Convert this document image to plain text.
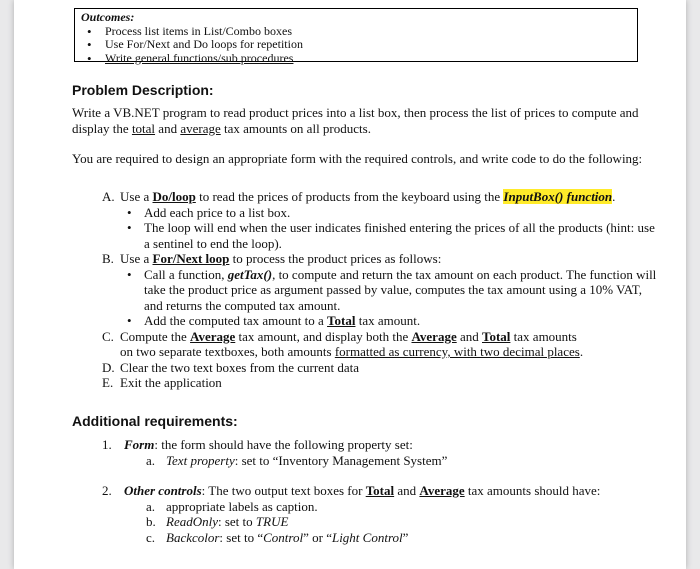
Outcomes:
• Process list items in List/Combo boxes
• Use For/Next and Do loops for repetition
• Write general functions/sub procedures
Problem Description:

Write a VB.NET program to read product prices into a list box, then process the list of prices to compute and display the total and average tax amounts on all products.

You are required to design an appropriate form with the required controls, and write code to do the following:

A. Use a Do/loop to read the prices of products from the keyboard using the InputBox() function.
• Add each price to a list box.
• The loop will end when the user indicates finished entering the prices of all the products (hint: use a sentinel to end the loop).
B. Use a For/Next loop to process the product prices as follows:
• Call a function, getTax(), to compute and return the tax amount on each product. The function will take the product price as argument passed by value, computes the tax amount using a 10% VAT, and returns the computed tax amount.
• Add the computed tax amount to a Total tax amount.
C. Compute the Average tax amount, and display both the Average and Total tax amounts
on two separate textboxes, both amounts formatted as currency, with two decimal places.
D. Clear the two text boxes from the current data
E. Exit the application
Additional requirements:
1. Form: the form should have the following property set:
a. Text property: set to “Inventory Management System”
2. Other controls: The two output text boxes for Total and Average tax amounts should have:
a. appropriate labels as caption.
b. ReadOnly: set to TRUE
c. Backcolor: set to “Control” or “Light Control”
